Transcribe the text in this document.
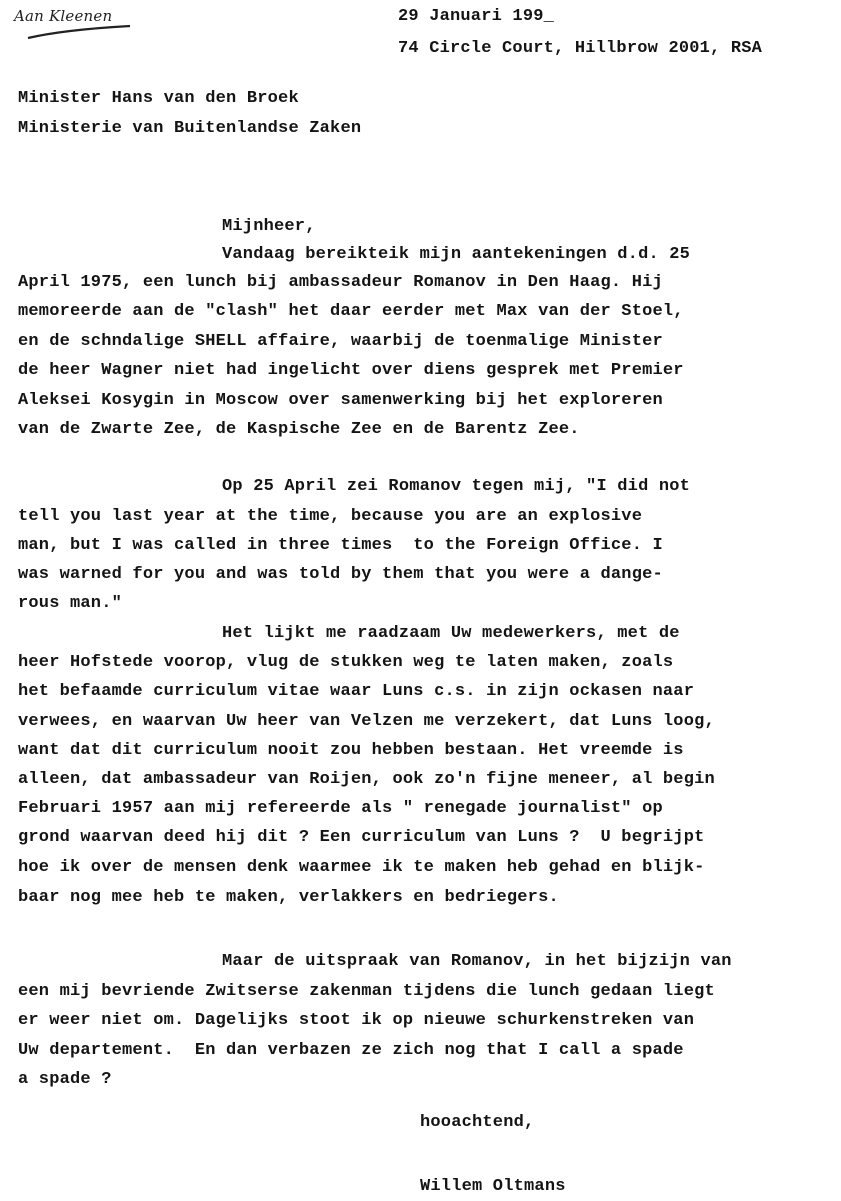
Aan Kleenen	29 Januari 199_
74 Circle Court, Hillbrow 2001, RSA
Minister Hans van den Broek
Ministerie van Buitenlandse Zaken
Mijnheer,
Vandaag bereikteik mijn aantekeningen d.d. 25
April 1975, een lunch bij ambassadeur Romanov in Den Haag. Hij
memoreerde aan de "clash" het daar eerder met Max van der Stoel,
en de schndalige SHELL affaire, waarbij de toenmalige Minister
de heer Wagner niet had ingelicht over diens gesprek met Premier
Aleksei Kosygin in Moscow over samenwerking bij het exploreren
van de Zwarte Zee, de Kaspische Zee en de Barentz Zee.
Op 25 April zei Romanov tegen mij, "I did not
tell you last year at the time, because you are an explosive
man, but I was called in three times  to the Foreign Office. I
was warned for you and was told by them that you were a dange-
rous man."
Het lijkt me raadzaam Uw medewerkers, met de
heer Hofstede voorop, vlug de stukken weg te laten maken, zoals
het befaamde curriculum vitae waar Luns c.s. in zijn ockasen naar
verwees, en waarvan Uw heer van Velzen me verzekert, dat Luns loog,
want dat dit curriculum nooit zou hebben bestaan. Het vreemde is
alleen, dat ambassadeur van Roijen, ook zo'n fijne meneer, al begin
Februari 1957 aan mij refereerde als " renegade journalist" op
grond waarvan deed hij dit ? Een curriculum van Luns ?  U begrijpt
hoe ik over de mensen denk waarmee ik te maken heb gehad en blijk-
baar nog mee heb te maken, verlakkers en bedriegers.
Maar de uitspraak van Romanov, in het bijzijn van
een mij bevriende Zwitserse zakenman tijdens die lunch gedaan liegt
er weer niet om. Dagelijks stoot ik op nieuwe schurkenstreken van
Uw departement.  En dan verbazen ze zich nog that I call a spade
a spade ?
hooachtend,
Willem Oltmans
